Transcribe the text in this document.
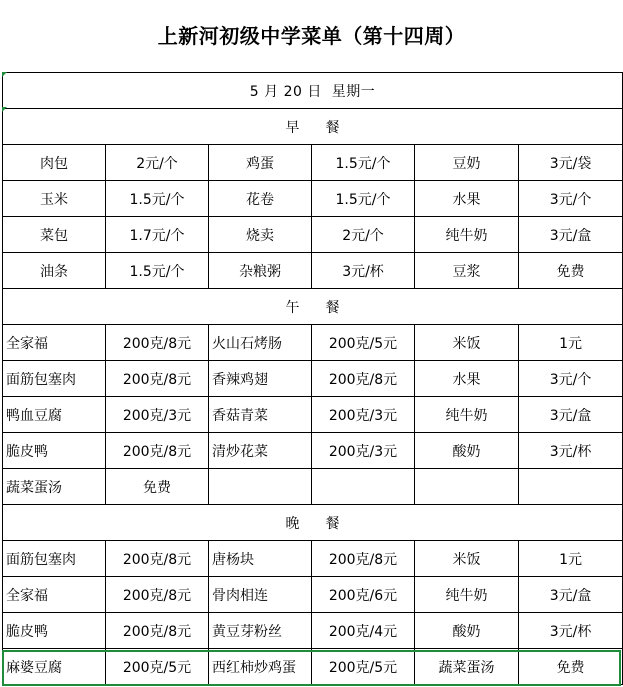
上新河初级中学菜单（第十四周）
5 月 20 日 星期一					
早 餐					
肉包	2元/个	鸡蛋	1.5元/个	豆奶	3元/袋
玉米	1.5元/个	花卷	1.5元/个	水果	3元/个
菜包	1.7元/个	烧卖	2元/个	纯牛奶	3元/盒
油条	1.5元/个	杂粮粥	3元/杯	豆浆	免费
午 餐					
全家福	200克/8元	火山石烤肠	200克/5元	米饭	1元
面筋包塞肉	200克/8元	香辣鸡翅	200克/8元	水果	3元/个
鸭血豆腐	200克/3元	香菇青菜	200克/3元	纯牛奶	3元/盒
脆皮鸭	200克/8元	清炒花菜	200克/3元	酸奶	3元/杯
蔬菜蛋汤	免费				
晚 餐					
面筋包塞肉	200克/8元	唐杨块	200克/8元	米饭	1元
全家福	200克/8元	骨肉相连	200克/6元	纯牛奶	3元/盒
脆皮鸭	200克/8元	黄豆芽粉丝	200克/4元	酸奶	3元/杯
麻婆豆腐	200克/5元	西红柿炒鸡蛋	200克/5元	蔬菜蛋汤	免费
